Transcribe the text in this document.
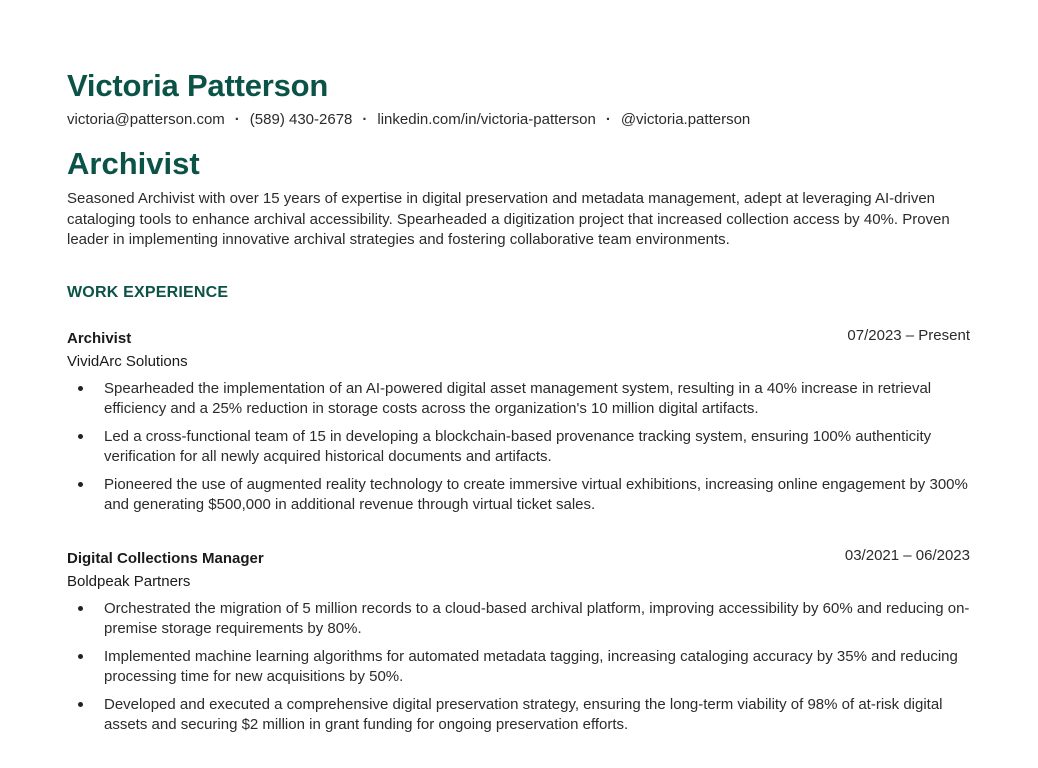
Victoria Patterson
victoria@patterson.com · (589) 430-2678 · linkedin.com/in/victoria-patterson · @victoria.patterson
Archivist

Seasoned Archivist with over 15 years of expertise in digital preservation and metadata management, adept at leveraging AI-driven cataloging tools to enhance archival accessibility. Spearheaded a digitization project that increased collection access by 40%. Proven leader in implementing innovative archival strategies and fostering collaborative team environments.

WORK EXPERIENCE
Archivist	07/2023 – Present
VividArc Solutions
Spearheaded the implementation of an AI-powered digital asset management system, resulting in a 40% increase in retrieval efficiency and a 25% reduction in storage costs across the organization's 10 million digital artifacts.
Led a cross-functional team of 15 in developing a blockchain-based provenance tracking system, ensuring 100% authenticity verification for all newly acquired historical documents and artifacts.
Pioneered the use of augmented reality technology to create immersive virtual exhibitions, increasing online engagement by 300% and generating $500,000 in additional revenue through virtual ticket sales.
Digital Collections Manager	03/2021 – 06/2023
Boldpeak Partners
Orchestrated the migration of 5 million records to a cloud-based archival platform, improving accessibility by 60% and reducing on-premise storage requirements by 80%.
Implemented machine learning algorithms for automated metadata tagging, increasing cataloging accuracy by 35% and reducing processing time for new acquisitions by 50%.
Developed and executed a comprehensive digital preservation strategy, ensuring the long-term viability of 98% of at-risk digital assets and securing $2 million in grant funding for ongoing preservation efforts.
